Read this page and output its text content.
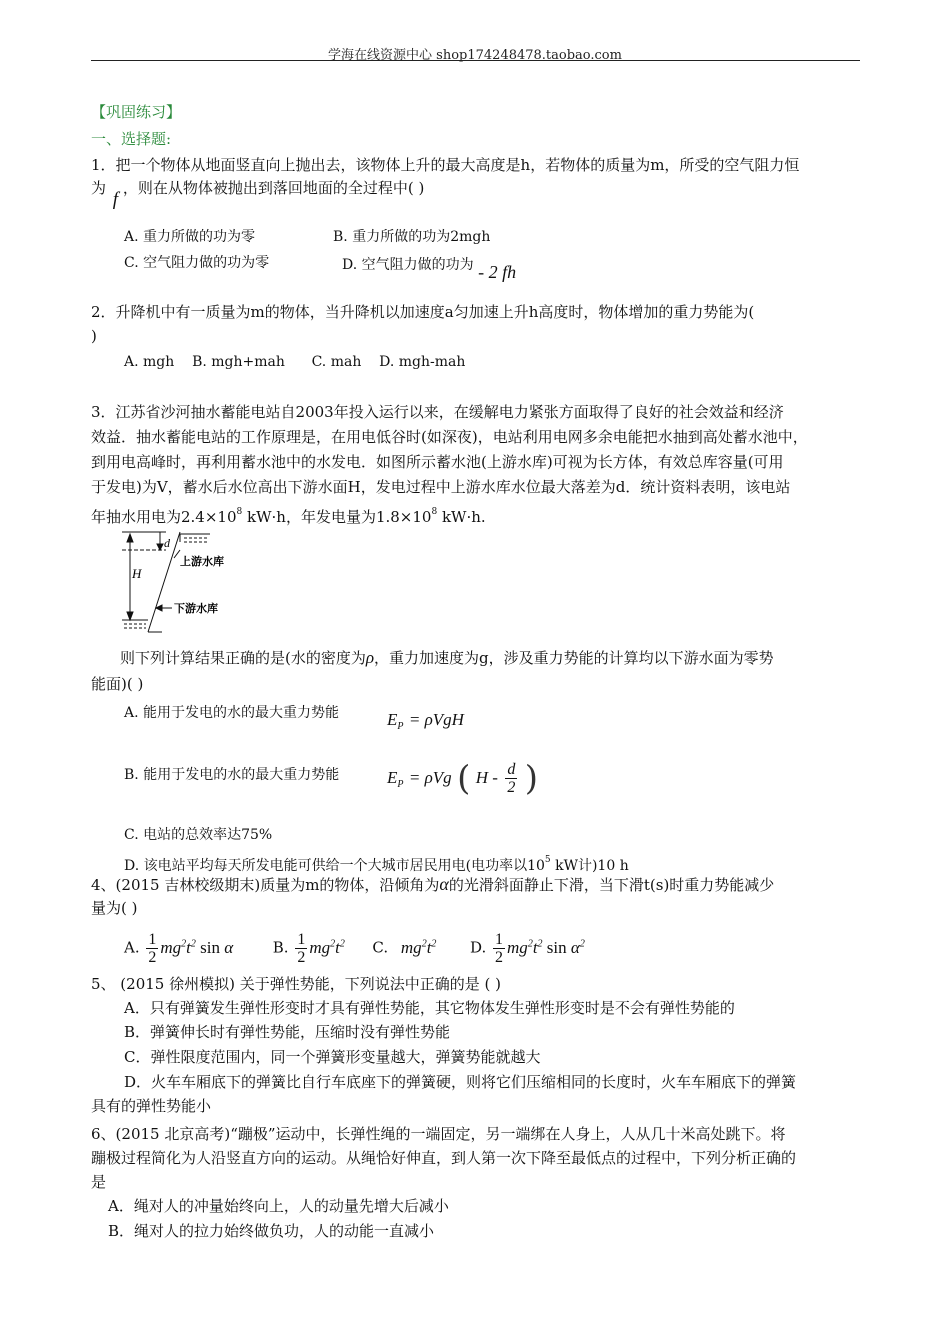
学海在线资源中心 shop174248478.taobao.com
【巩固练习】
一、选择题:
1．把一个物体从地面竖直向上抛出去，该物体上升的最大高度是h，若物体的质量为m，所受的空气阻力恒
为 f ，则在从物体被抛出到落回地面的全过程中( )
A. 重力所做的功为零	B. 重力所做的功为2mgh
C. 空气阻力做的功为零	D. 空气阻力做的功为 - 2 fh
2．升降机中有一质量为m的物体，当升降机以加速度a匀加速上升h高度时，物体增加的重力势能为(
)
A. mgh    B. mgh+mah      C. mah    D. mgh-mah
3．江苏省沙河抽水蓄能电站自2003年投入运行以来，在缓解电力紧张方面取得了良好的社会效益和经济
效益．抽水蓄能电站的工作原理是，在用电低谷时(如深夜)，电站利用电网多余电能把水抽到高处蓄水池中，
到用电高峰时，再利用蓄水池中的水发电．如图所示蓄水池(上游水库)可视为长方体，有效总库容量(可用
于发电)为V，蓄水后水位高出下游水面H，发电过程中上游水库水位最大落差为d．统计资料表明，该电站
年抽水用电为$2.4\times 10^8$ kW·h，年发电量为$1.8\times 10^8$ kW·h.
d
H
上游水库
下游水库
则下列计算结果正确的是(水的密度为ρ，重力加速度为g，涉及重力势能的计算均以下游水面为零势
能面)( )
A. 能用于发电的水的最大重力势能	$E_P = \rho VgH$
B. 能用于发电的水的最大重力势能	$E_P = \rho Vg$ ( H - $\frac{d}{2}$ )
C. 电站的总效率达75%
D. 该电站平均每天所发电能可供给一个大城市居民用电(电功率以$10^5$ kW计)10 h
4、(2015 吉林校级期末)质量为m的物体，沿倾角为α的光滑斜面静止下滑，当下滑t(s)时重力势能减少
量为( )
A. $\frac{1}{2} mg^2t^2$ sin α	B. $\frac{1}{2} mg^2t^2$ C. $mg^2t^2$ D. $\frac{1}{2} mg^2t^2$ $\sin \alpha^2$
5、 (2015 徐州模拟) 关于弹性势能，下列说法中正确的是 ( )
A．只有弹簧发生弹性形变时才具有弹性势能，其它物体发生弹性形变时是不会有弹性势能的
B．弹簧伸长时有弹性势能，压缩时没有弹性势能
C．弹性限度范围内，同一个弹簧形变量越大，弹簧势能就越大
D．火车车厢底下的弹簧比自行车底座下的弹簧硬，则将它们压缩相同的长度时，火车车厢底下的弹簧
具有的弹性势能小
6、(2015 北京高考)“蹦极”运动中，长弹性绳的一端固定，另一端绑在人身上，人从几十米高处跳下。将
蹦极过程简化为人沿竖直方向的运动。从绳恰好伸直，到人第一次下降至最低点的过程中，下列分析正确的
是
A．绳对人的冲量始终向上，人的动量先增大后减小
B．绳对人的拉力始终做负功，人的动能一直减小
